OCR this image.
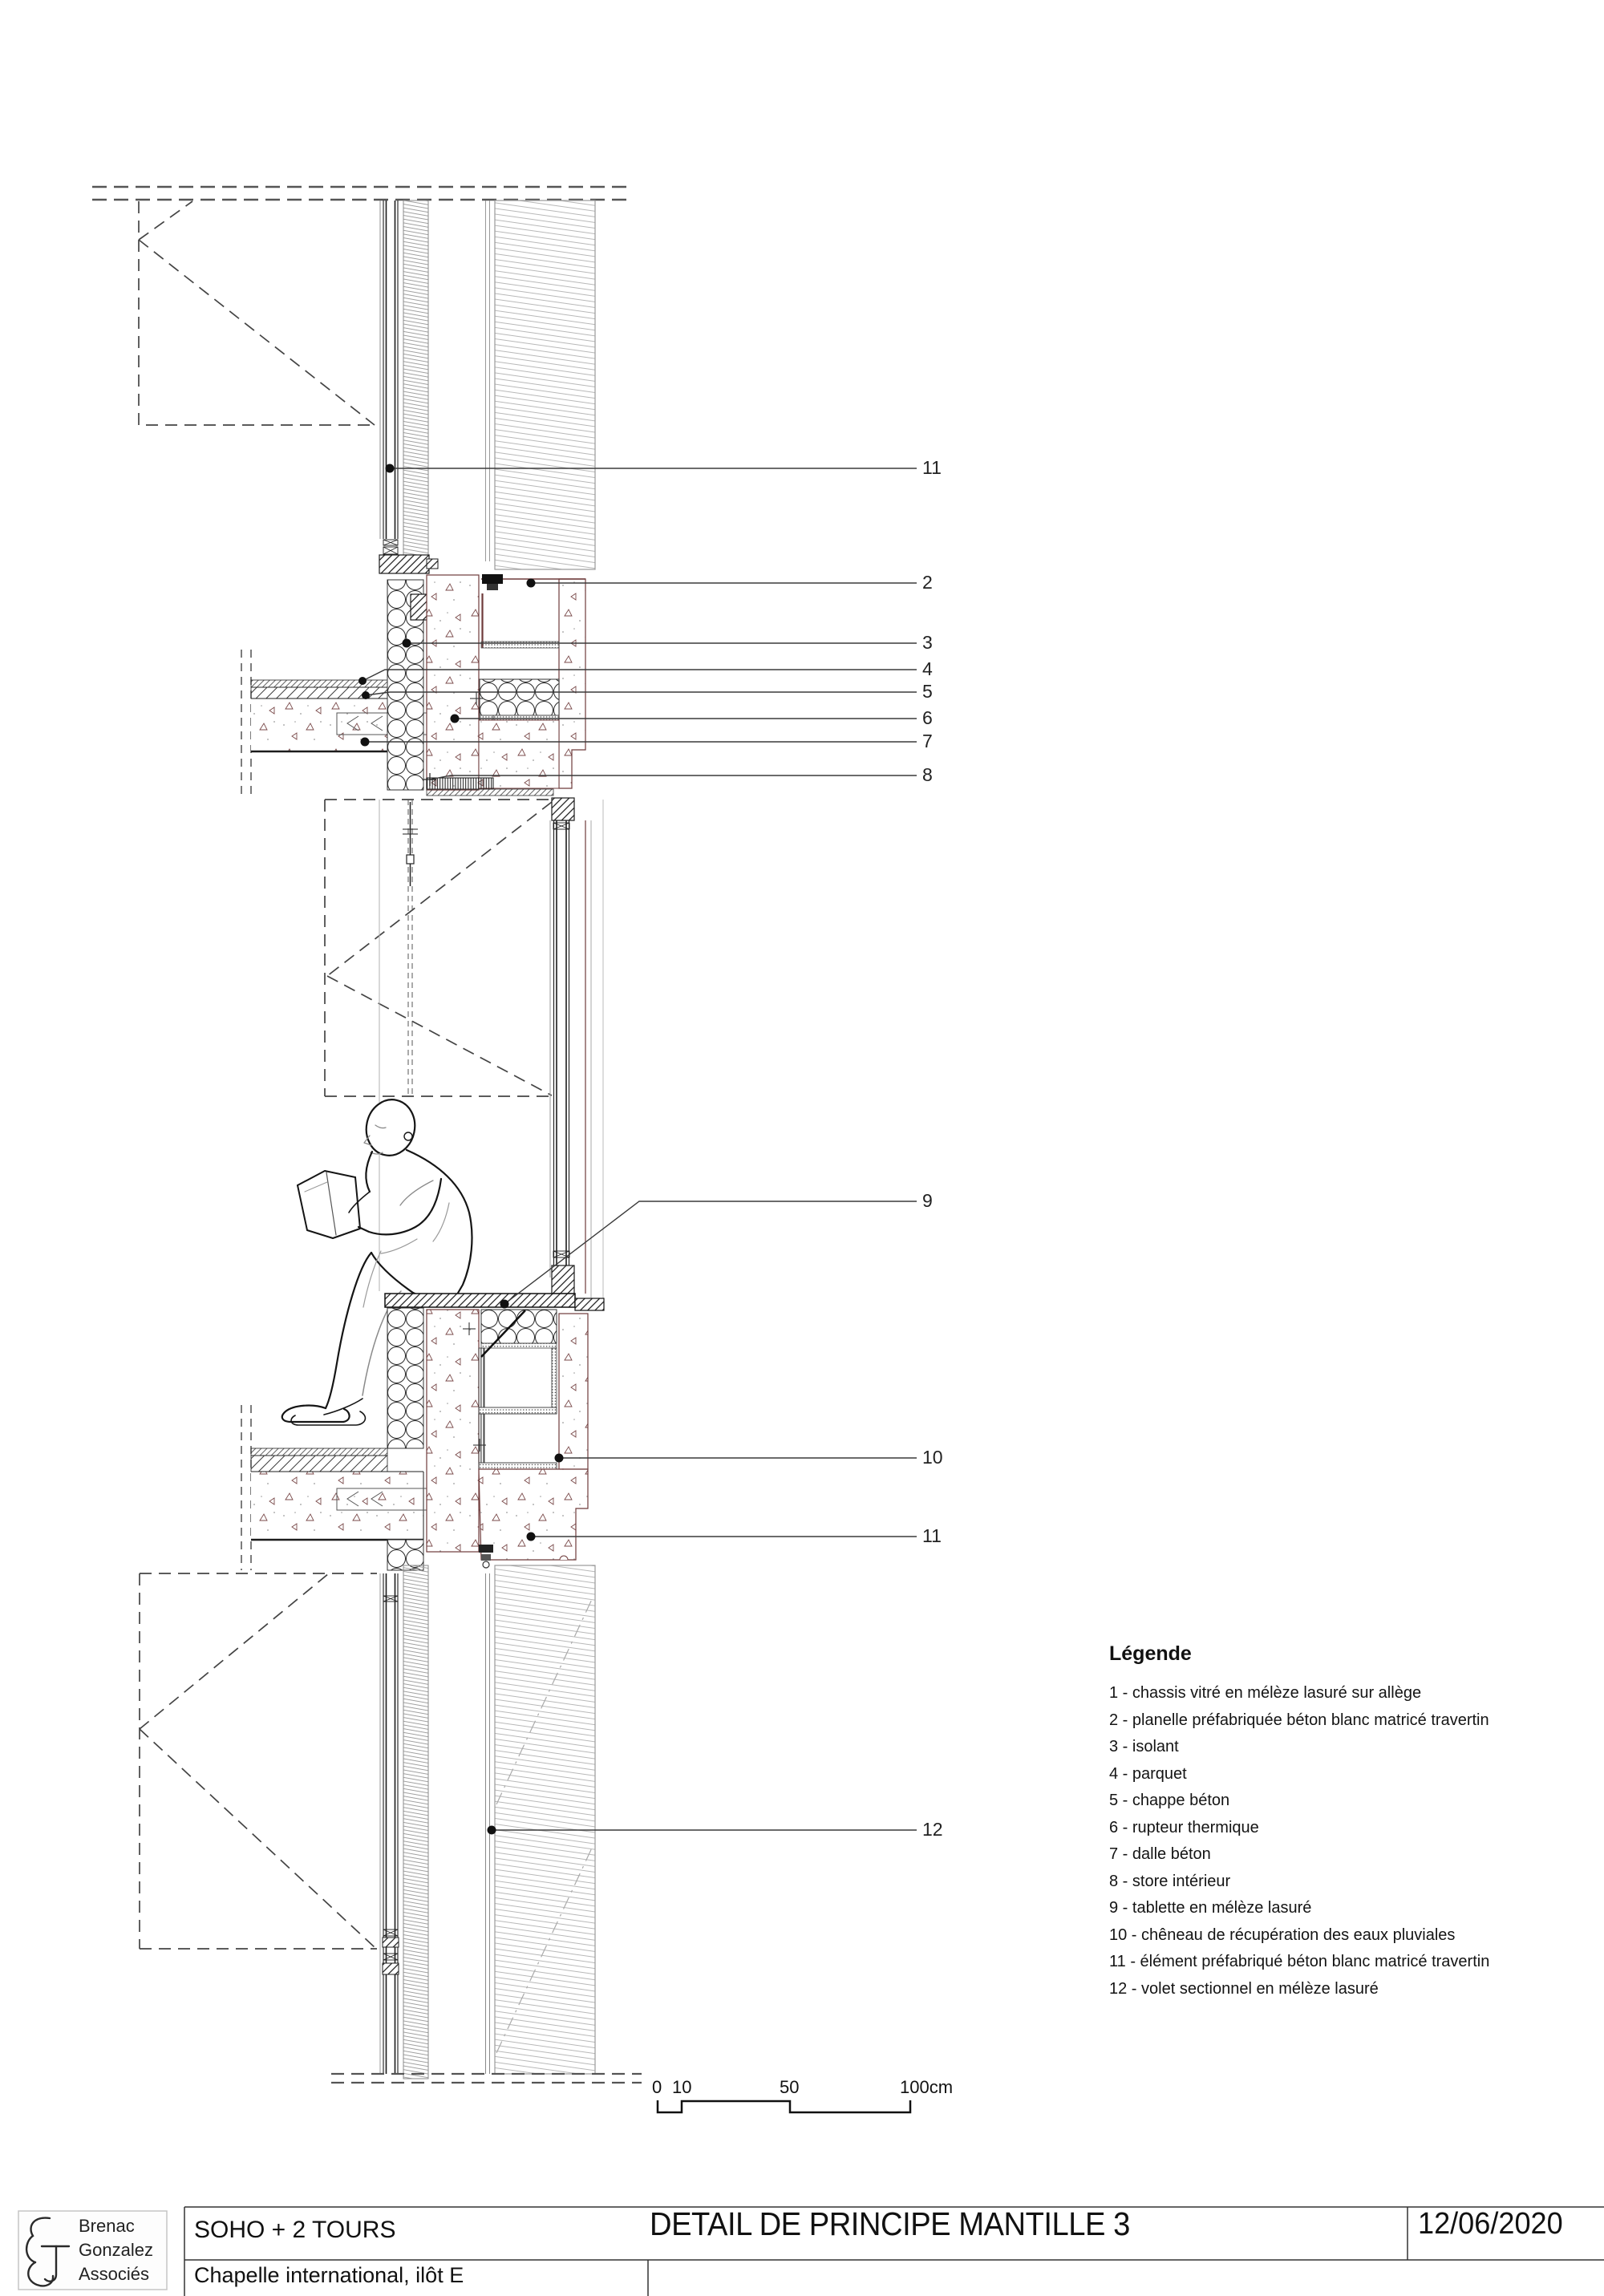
11
2
3
4
5
6
7
8
9
10
11
12
Légende
1 - chassis vitré en mélèze lasuré sur allège
2 - planelle préfabriquée béton blanc matricé travertin
3 - isolant
4 - parquet
5 - chappe béton
6 - rupteur thermique
7 - dalle béton
8 - store intérieur
9 - tablette en mélèze lasuré
10 - chêneau de récupération des eaux pluviales
11 - élément préfabriqué béton blanc matricé travertin
12 - volet sectionnel en mélèze lasuré
0 10	50	100cm
Brenac
Gonzalez
Associés
SOHO + 2 TOURS
Chapelle international, ilôt E
DETAIL DE PRINCIPE MANTILLE 3	12/06/2020
